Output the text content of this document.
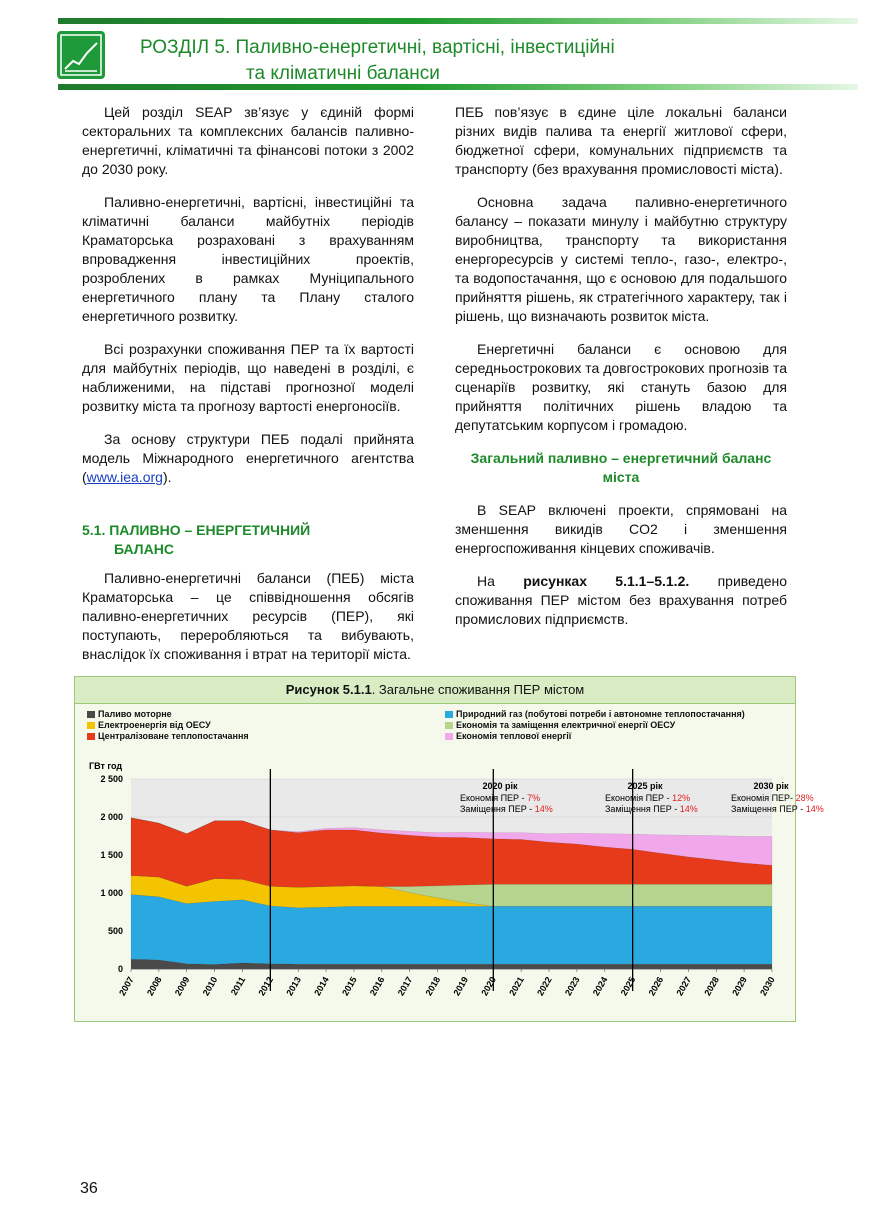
РОЗДІЛ 5. Паливно-енергетичні, вартісні, інвестиційні
та кліматичні баланси

Цей розділ SEAP зв’язує у єдиній формі секторальних та комплексних балансів паливно-енергетичні, кліматичні та фінансові потоки з 2002 до 2030 року.

Паливно-енергетичні, вартісні, інвестиційні та кліматичні баланси майбутніх періодів Краматорська розраховані з врахуванням впровадження інвестиційних проектів, розроблених в рамках Муніципального енергетичного плану та Плану сталого енергетичного розвитку.

Всі розрахунки споживання ПЕР та їх вартості для майбутніх періодів, що наведені в розділі, є наближеними, на підставі прогнозної моделі розвитку міста та прогнозу вартості енергоносіїв.

За основу структури ПЕБ подалі прийнята модель Міжнародного енергетичного агентства (www.iea.org).

5.1. ПАЛИВНО – ЕНЕРГЕТИЧНИЙ
БАЛАНС

Паливно-енергетичні баланси (ПЕБ) міста Краматорська – це співвідношення обсягів паливно-енергетичних ресурсів (ПЕР), які поступають, переробляються та вибувають, внаслідок їх споживання і втрат на території міста.

ПЕБ пов’язує в єдине ціле локальні баланси різних видів палива та енергії житлової сфери, бюджетної сфери, комунальних підприємств та транспорту (без врахування промисловості міста).

Основна задача паливно-енергетичного балансу – показати минулу і майбутню структуру виробництва, транспорту та використання енергоресурсів у системі тепло-, газо-, електро-, та водопостачання, що є основою для подальшого прийняття рішень, як стратегічного характеру, так і рішень, що визначають розвиток міста.

Енергетичні баланси є основою для середньострокових та довгострокових прогнозів та сценаріїв розвитку, які стануть базою для прийняття політичних рішень владою та депутатським корпусом і громадою.

Загальний паливно – енергетичний баланс міста

В SEAP включені проекти, спрямовані на зменшення викидів CO2 і зменшення енергоспоживання кінцевих споживачів.

На рисунках 5.1.1–5.1.2. приведено споживання ПЕР містом без врахування потреб промислових підприємств.

Рисунок 5.1.1. Загальне споживання ПЕР містом
Паливо моторне
Електроенергія від ОЕСУ
Централізоване теплопостачання
Природний газ (побутові потреби і автономне теплопостачання)
Економія та заміщення електричної енергії ОЕСУ
Економія теплової енергії
0
500
1 000
1 500
2 000
2 500
ГВт год
2007 2008 2009 2010 2011 2012 2013 2014 2015 2016 2017 2018 2019 2020 2021 2022 2023 2024 2025 2026 2027 2028 2029 2030
2020 рік
Економія ПЕР - 7%
Заміщення ПЕР - 14%
2025 рік
Економія ПЕР - 12%
Заміщення ПЕР - 14%
2030 рік
Економія ПЕР- 28%
Заміщення ПЕР - 14%
36
